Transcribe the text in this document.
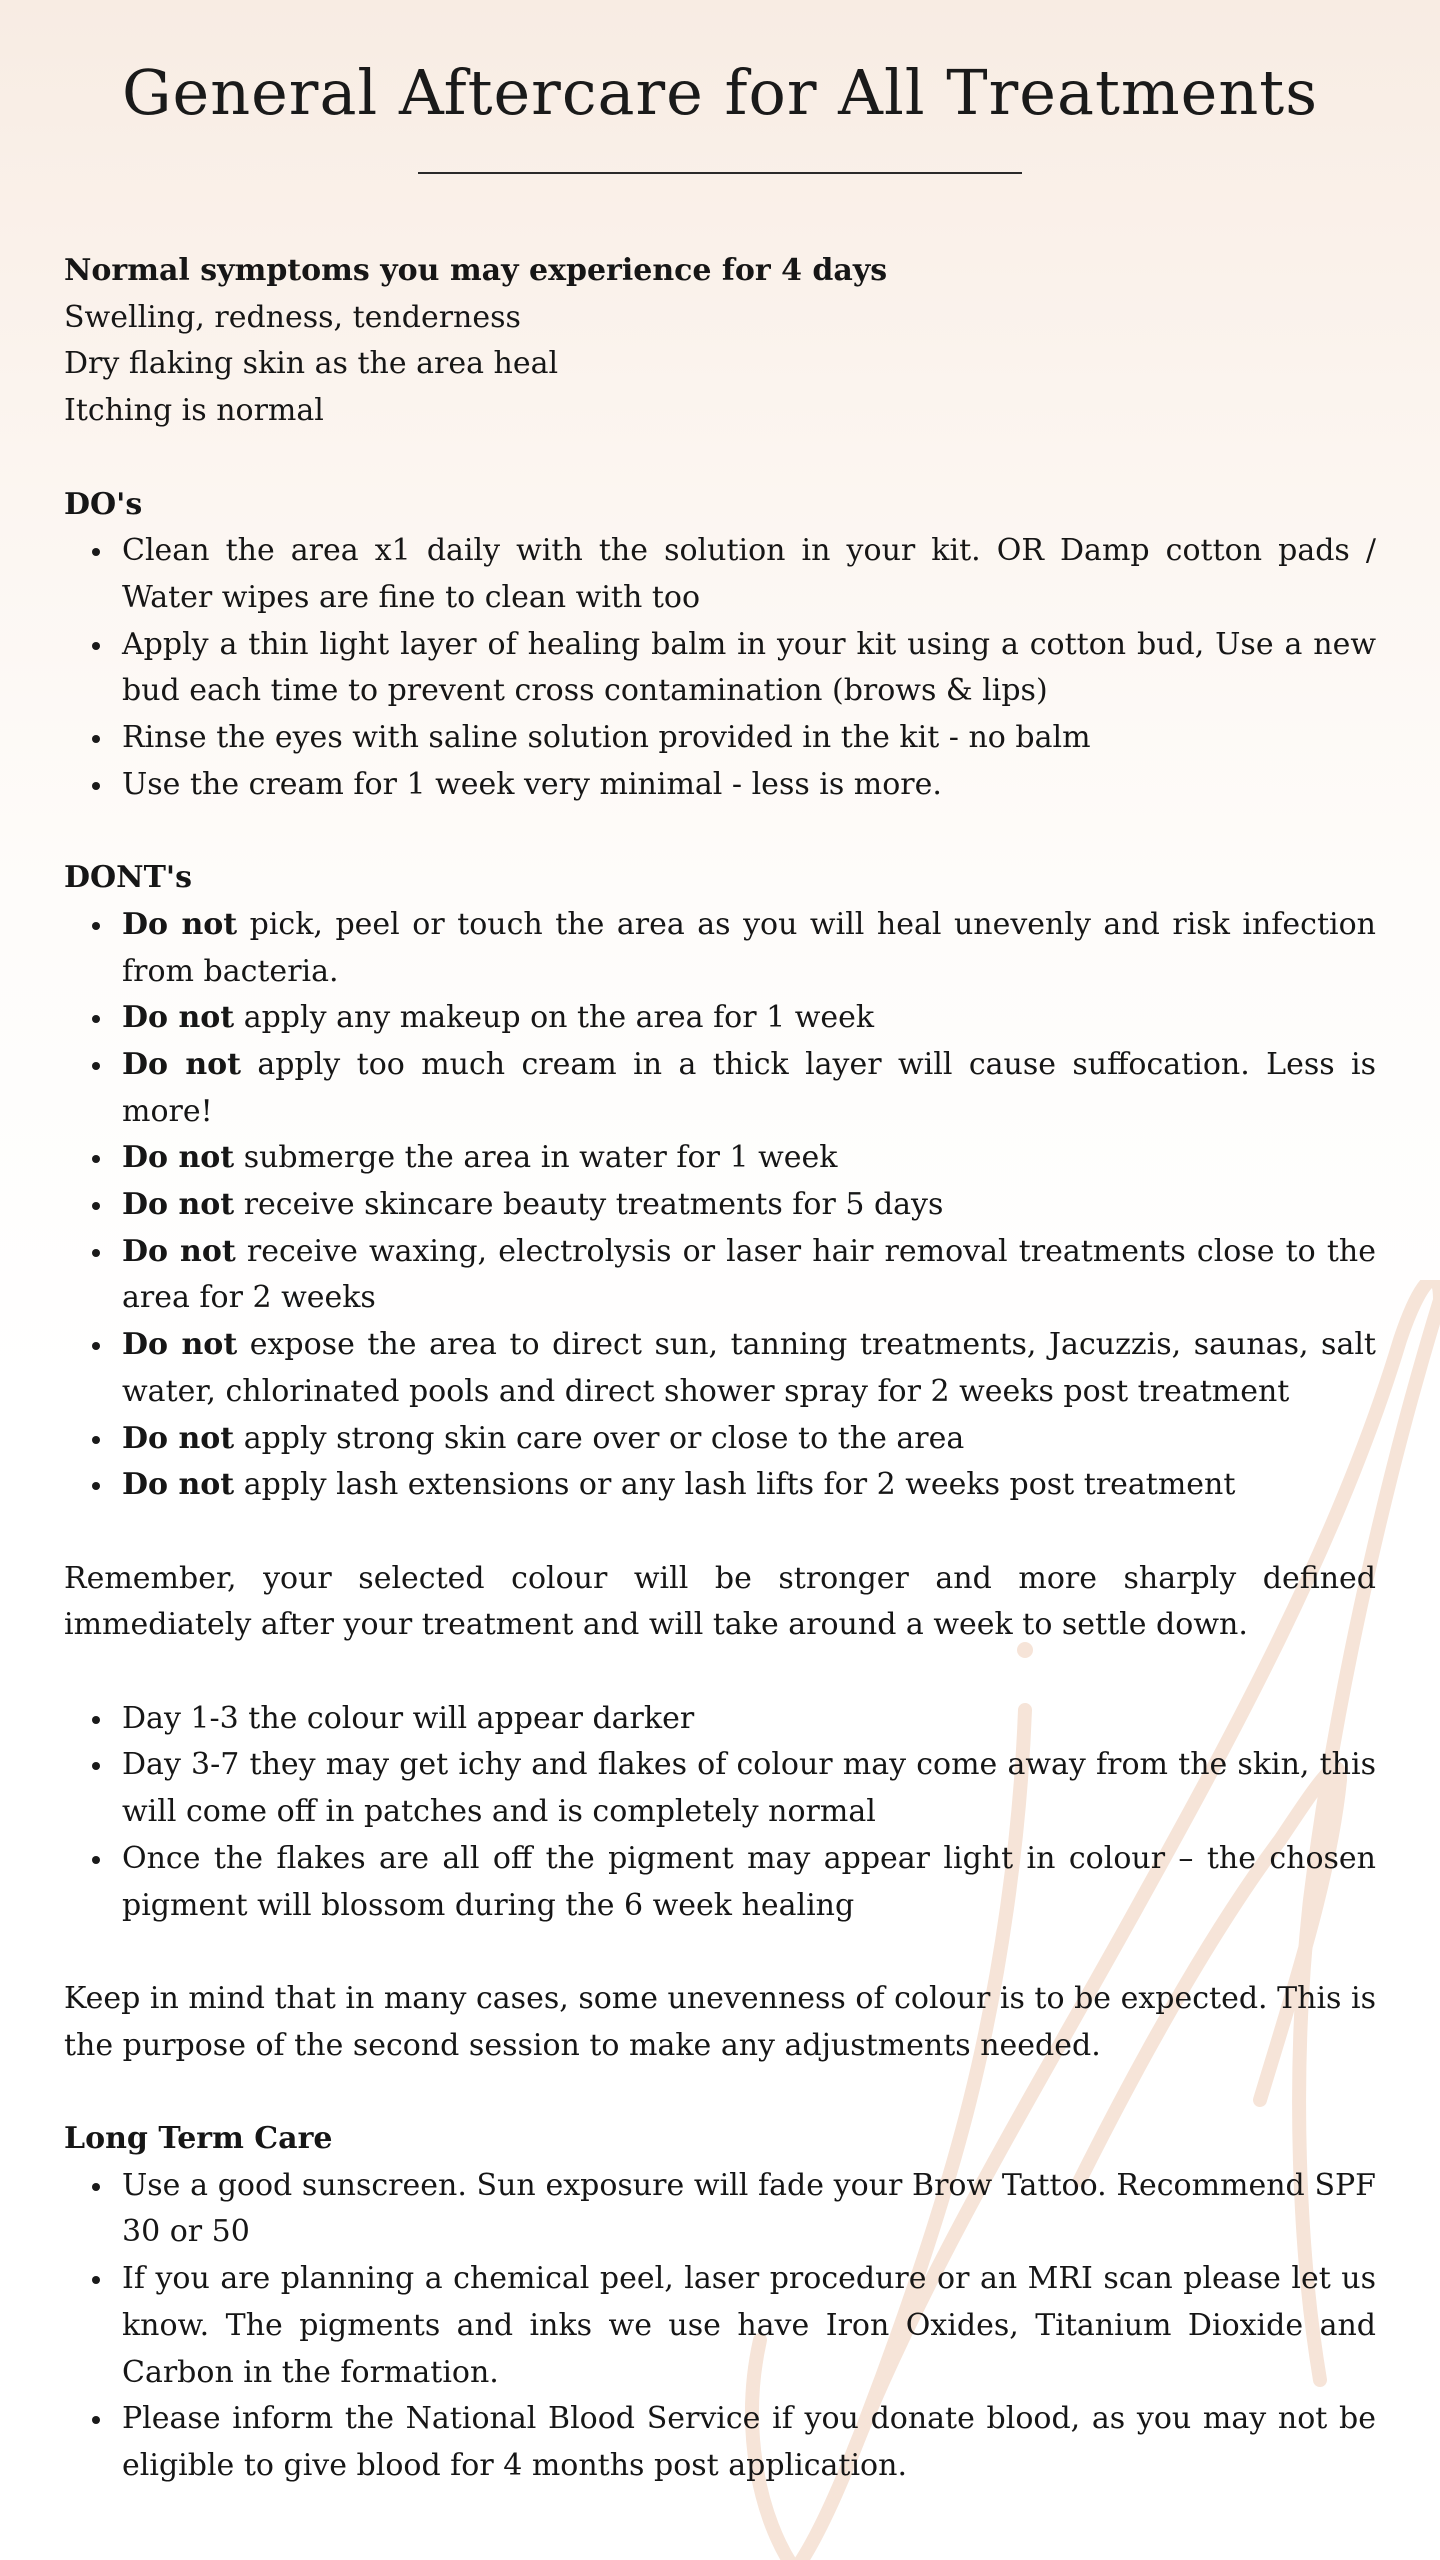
General Aftercare for All Treatments
Normal symptoms you may experience for 4 days
Swelling, redness, tenderness
Dry flaking skin as the area heal
Itching is normal
DO's
Clean the area x1 daily with the solution in your kit. OR Damp cotton pads / Water wipes are fine to clean with too
Apply a thin light layer of healing balm in your kit using a cotton bud, Use a new bud each time to prevent cross contamination (brows & lips)
Rinse the eyes with saline solution provided in the kit - no balm
Use the cream for 1 week very minimal - less is more.
DONT's
Do not pick, peel or touch the area as you will heal unevenly and risk infection from bacteria.
Do not apply any makeup on the area for 1 week
Do not apply too much cream in a thick layer will cause suffocation. Less is more!
Do not submerge the area in water for 1 week
Do not receive skincare beauty treatments for 5 days
Do not receive waxing, electrolysis or laser hair removal treatments close to the area for 2 weeks
Do not expose the area to direct sun, tanning treatments, Jacuzzis, saunas, salt water, chlorinated pools and direct shower spray for 2 weeks post treatment
Do not apply strong skin care over or close to the area
Do not apply lash extensions or any lash lifts for 2 weeks post treatment
Remember, your selected colour will be stronger and more sharply defined immediately after your treatment and will take around a week to settle down.
Day 1-3 the colour will appear darker
Day 3-7 they may get ichy and flakes of colour may come away from the skin, this will come off in patches and is completely normal
Once the flakes are all off the pigment may appear light in colour – the chosen pigment will blossom during the 6 week healing
Keep in mind that in many cases, some unevenness of colour is to be expected. This is the purpose of the second session to make any adjustments needed.
Long Term Care
Use a good sunscreen. Sun exposure will fade your Brow Tattoo. Recommend SPF 30 or 50
If you are planning a chemical peel, laser procedure or an MRI scan please let us know. The pigments and inks we use have Iron Oxides, Titanium Dioxide and Carbon in the formation.
Please inform the National Blood Service if you donate blood, as you may not be eligible to give blood for 4 months post application.
